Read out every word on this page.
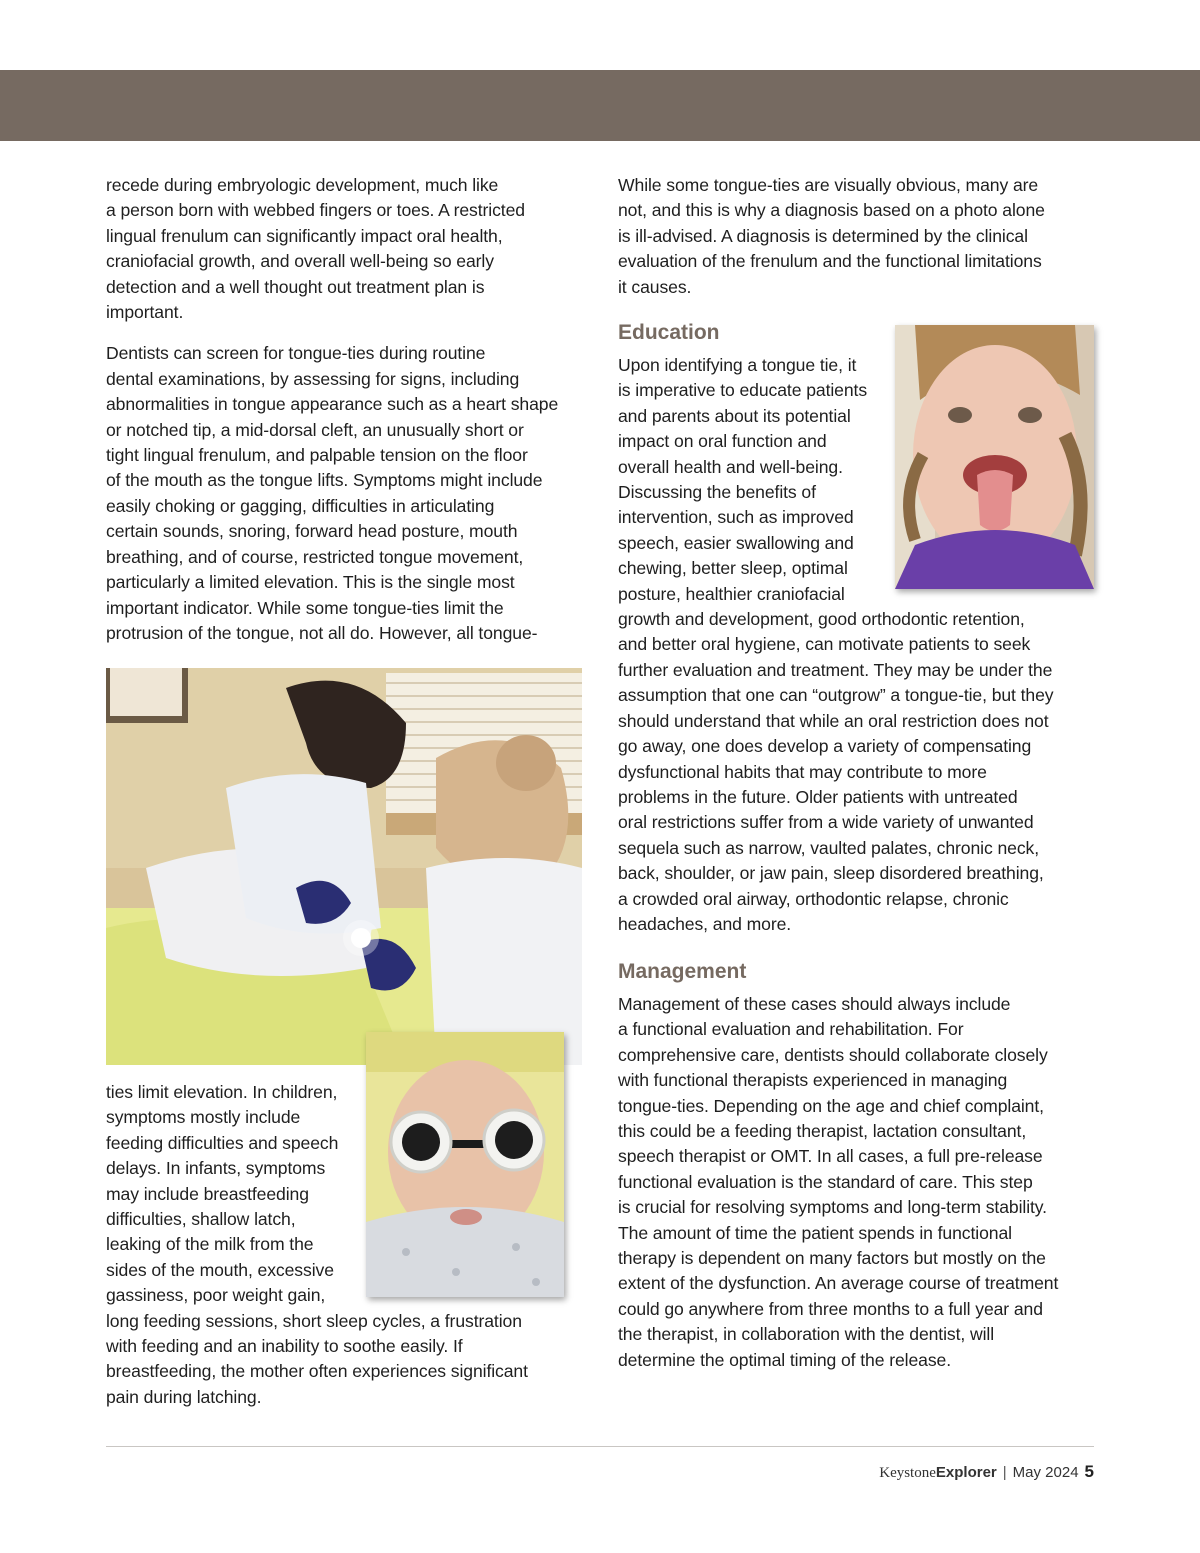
recede during embryologic development, much like
a person born with webbed fingers or toes. A restricted
lingual frenulum can significantly impact oral health,
craniofacial growth, and overall well-being so early
detection and a well thought out treatment plan is
important.

Dentists can screen for tongue-ties during routine
dental examinations, by assessing for signs, including
abnormalities in tongue appearance such as a heart shape
or notched tip, a mid-dorsal cleft, an unusually short or
tight lingual frenulum, and palpable tension on the floor
of the mouth as the tongue lifts. Symptoms might include
easily choking or gagging, difficulties in articulating
certain sounds, snoring, forward head posture, mouth
breathing, and of course, restricted tongue movement,
particularly a limited elevation. This is the single most
important indicator. While some tongue-ties limit the
protrusion of the tongue, not all do. However, all tongue-

ties limit elevation. In children,
symptoms mostly include
feeding difficulties and speech
delays. In infants, symptoms
may include breastfeeding
difficulties, shallow latch,
leaking of the milk from the
sides of the mouth, excessive
gassiness, poor weight gain,
long feeding sessions, short sleep cycles, a frustration
with feeding and an inability to soothe easily. If
breastfeeding, the mother often experiences significant
pain during latching.

While some tongue-ties are visually obvious, many are
not, and this is why a diagnosis based on a photo alone
is ill-advised. A diagnosis is determined by the clinical
evaluation of the frenulum and the functional limitations
it causes.

Education

Upon identifying a tongue tie, it
is imperative to educate patients
and parents about its potential
impact on oral function and
overall health and well-being.
Discussing the benefits of
intervention, such as improved
speech, easier swallowing and
chewing, better sleep, optimal
posture, healthier craniofacial
growth and development, good orthodontic retention,
and better oral hygiene, can motivate patients to seek
further evaluation and treatment. They may be under the
assumption that one can “outgrow” a tongue-tie, but they
should understand that while an oral restriction does not
go away, one does develop a variety of compensating
dysfunctional habits that may contribute to more
problems in the future. Older patients with untreated
oral restrictions suffer from a wide variety of unwanted
sequela such as narrow, vaulted palates, chronic neck,
back, shoulder, or jaw pain, sleep disordered breathing,
a crowded oral airway, orthodontic relapse, chronic
headaches, and more.

Management

Management of these cases should always include
a functional evaluation and rehabilitation. For
comprehensive care, dentists should collaborate closely
with functional therapists experienced in managing
tongue-ties. Depending on the age and chief complaint,
this could be a feeding therapist, lactation consultant,
speech therapist or OMT. In all cases, a full pre-release
functional evaluation is the standard of care. This step
is crucial for resolving symptoms and long-term stability.
The amount of time the patient spends in functional
therapy is dependent on many factors but mostly on the
extent of the dysfunction. An average course of treatment
could go anywhere from three months to a full year and
the therapist, in collaboration with the dentist, will
determine the optimal timing of the release.

Keystone Explorer | May 2024 5
